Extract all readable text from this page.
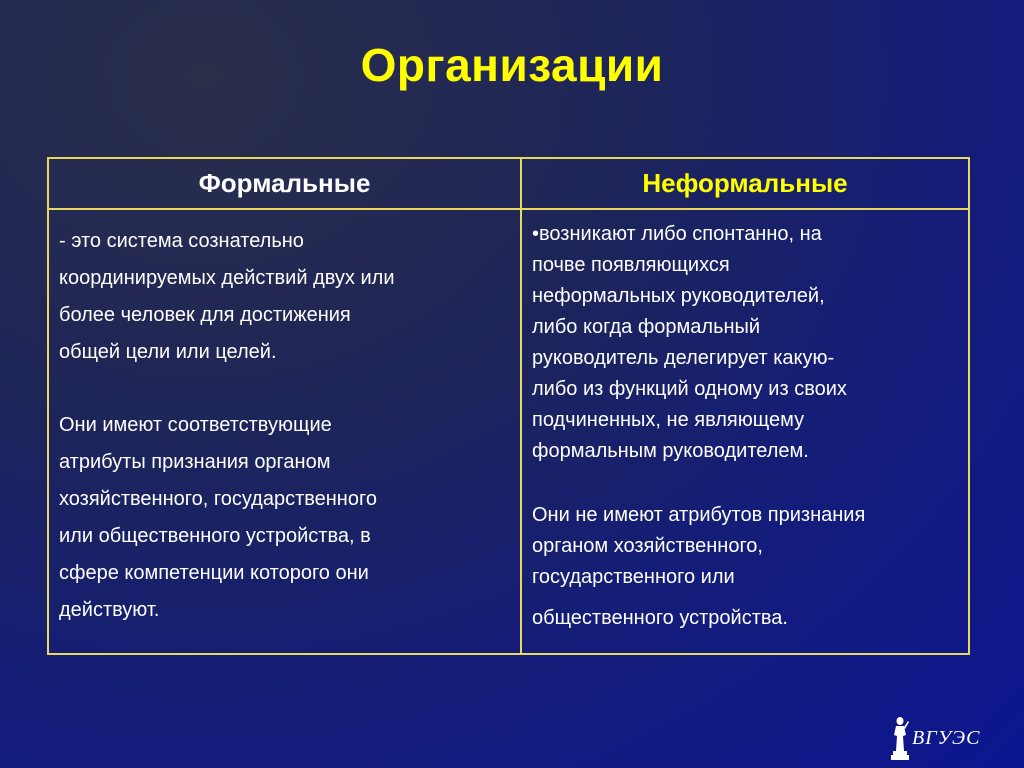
Организации
Формальные	Неформальные

- это система сознательно

координируемых действий двух или

более человек для достижения

общей цели или целей.

Они имеют соответствующие

атрибуты признания органом

хозяйственного, государственного

или общественного устройства, в

сфере компетенции которого они

действуют.

•возникают либо спонтанно, на

почве появляющихся

неформальных руководителей,

либо когда формальный

руководитель делегирует какую-

либо из функций одному из своих

подчиненных, не являющему

формальным руководителем.

Они не имеют атрибутов признания

органом хозяйственного,

государственного или

общественного устройства.

ВГУЭС
